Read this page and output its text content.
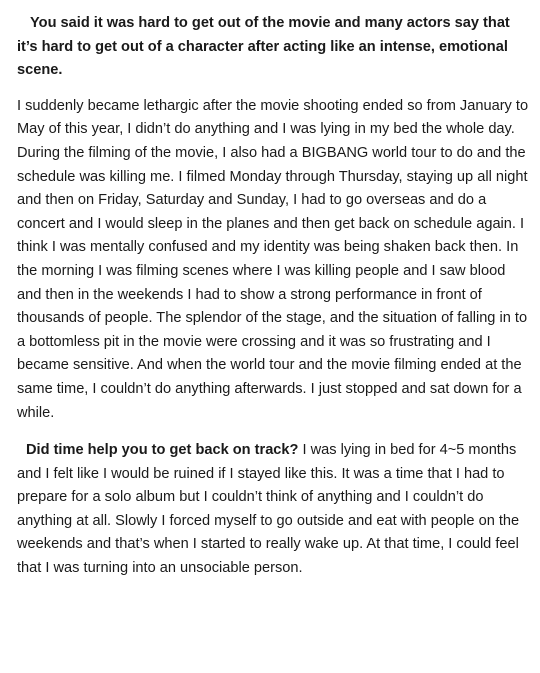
You said it was hard to get out of the movie and many actors say that it’s hard to get out of a character after acting like an intense, emotional scene.

I suddenly became lethargic after the movie shooting ended so from January to May of this year, I didn’t do anything and I was lying in my bed the whole day. During the filming of the movie, I also had a BIGBANG world tour to do and the schedule was killing me. I filmed Monday through Thursday, staying up all night and then on Friday, Saturday and Sunday, I had to go overseas and do a concert and I would sleep in the planes and then get back on schedule again. I think I was mentally confused and my identity was being shaken back then. In the morning I was filming scenes where I was killing people and I saw blood and then in the weekends I had to show a strong performance in front of thousands of people. The splendor of the stage, and the situation of falling in to a bottomless pit in the movie were crossing and it was so frustrating and I became sensitive. And when the world tour and the movie filming ended at the same time, I couldn’t do anything afterwards. I just stopped and sat down for a while.

Did time help you to get back on track? I was lying in bed for 4~5 months and I felt like I would be ruined if I stayed like this. It was a time that I had to prepare for a solo album but I couldn’t think of anything and I couldn’t do anything at all. Slowly I forced myself to go outside and eat with people on the weekends and that’s when I started to really wake up. At that time, I could feel that I was turning into an unsociable person.
